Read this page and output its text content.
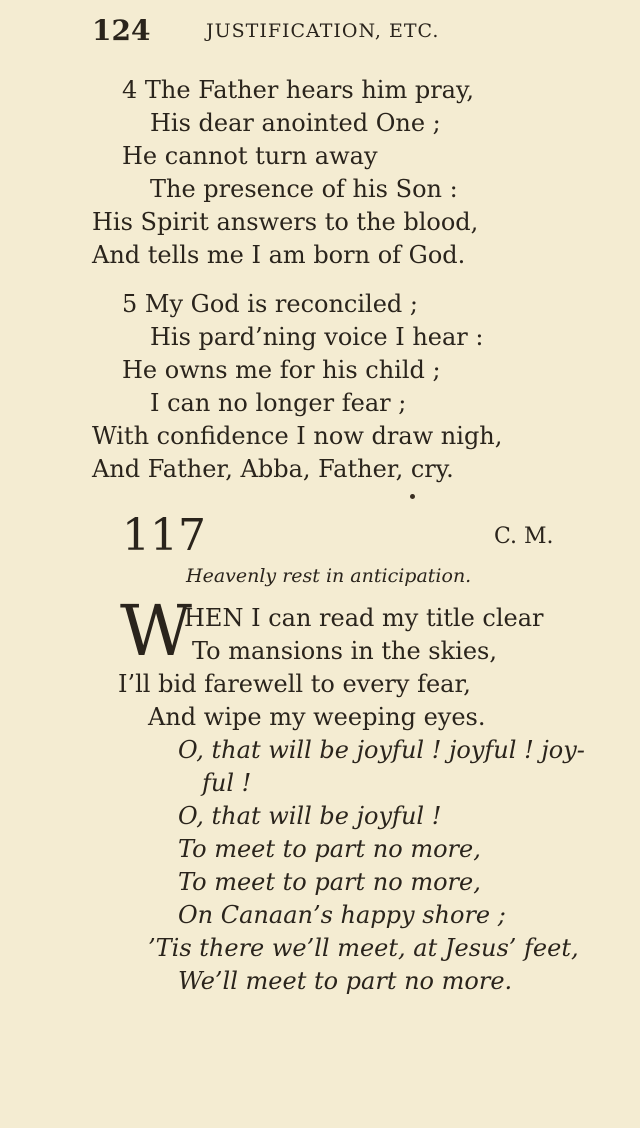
124	JUSTIFICATION, ETC.
4 The Father hears him pray,
His dear anointed One ;
He cannot turn away
The presence of his Son :
His Spirit answers to the blood,
And tells me I am born of God.
5 My God is reconciled ;
His pard’ning voice I hear :
He owns me for his child ;
I can no longer fear ;
With confidence I now draw nigh,
And Father, Abba, Father, cry.
117	C. M.
Heavenly rest in anticipation.
W
HEN I can read my title clear
To mansions in the skies,
I’ll bid farewell to every fear,
And wipe my weeping eyes.
O, that will be joyful ! joyful ! joy-
ful !
O, that will be joyful !
To meet to part no more,
To meet to part no more,
On Canaan’s happy shore ;
’Tis there we’ll meet, at Jesus’ feet,
We’ll meet to part no more.
